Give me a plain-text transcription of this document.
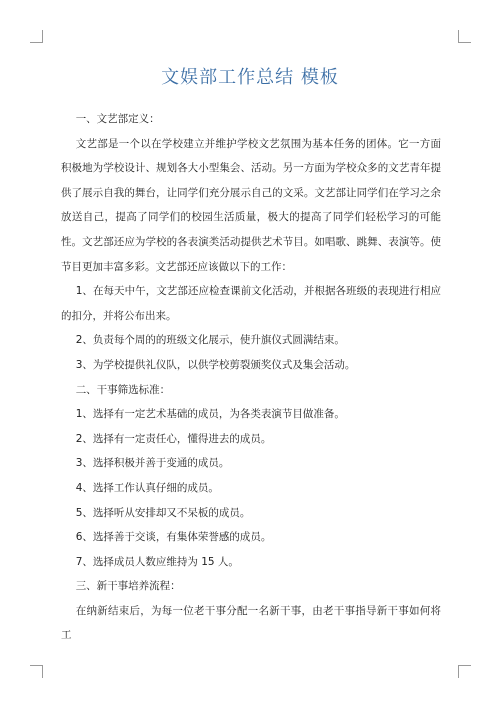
文娱部工作总结 模板

一、文艺部定义：

文艺部是一个以在学校建立并维护学校文艺氛围为基本任务的团体。它一方面积极地为学校设计、规划各大小型集会、活动。另一方面为学校众多的文艺青年提供了展示自我的舞台，让同学们充分展示自己的文采。文艺部让同学们在学习之余放送自己，提高了同学们的校园生活质量，极大的提高了同学们轻松学习的可能性。文艺部还应为学校的各表演类活动提供艺术节目。如唱歌、跳舞、表演等。使节目更加丰富多彩。文艺部还应该做以下的工作：

1、在每天中午，文艺部还应检查课前文化活动，并根据各班级的表现进行相应的扣分，并将公布出来。

2、负责每个周的的班级文化展示，使升旗仪式圆满结束。

3、为学校提供礼仪队，以供学校剪裂颁奖仪式及集会活动。

二、干事筛选标准：

1、选择有一定艺术基础的成员，为各类表演节目做准备。

2、选择有一定责任心，懂得进去的成员。

3、选择积极并善于变通的成员。

4、选择工作认真仔细的成员。

5、选择听从安排却又不呆板的成员。

6、选择善于交谈，有集体荣誉感的成员。

7、选择成员人数应维持为 15 人。

三、新干事培养流程：

在纳新结束后，为每一位老干事分配一名新干事，由老干事指导新干事如何将工
